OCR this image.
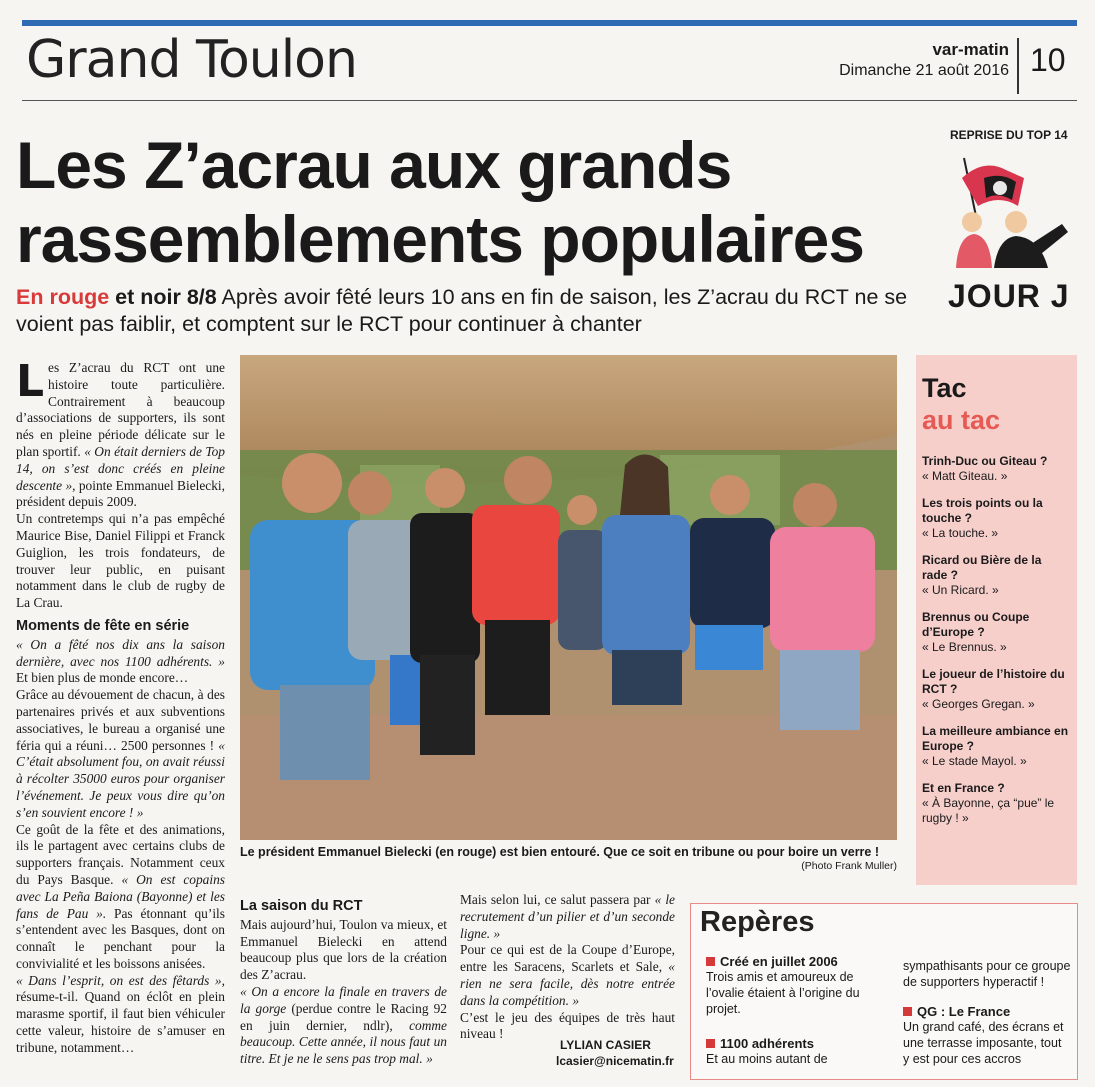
Grand Toulon	var-matin
Dimanche 21 août 2016 10
REPRISE DU TOP 14
Les Z’acrau aux grands rassemblements populaires
JOUR J
En rouge et noir 8/8 Après avoir fêté leurs 10 ans en fin de saison, les Z’acrau du RCT ne se voient pas faiblir, et comptent sur le RCT pour continuer à chanter

Les Z’acrau du RCT ont une histoire toute particulière. Contrairement à beaucoup d’associations de supporters, ils sont nés en pleine période délicate sur le plan sportif. « On était derniers de Top 14, on s’est donc créés en pleine descente », pointe Emmanuel Bielecki, président depuis 2009.

Un contretemps qui n’a pas empêché Maurice Bise, Daniel Filippi et Franck Guiglion, les trois fondateurs, de trouver leur public, en puisant notamment dans le club de rugby de La Crau.

Moments de fête en série

« On a fêté nos dix ans la saison dernière, avec nos 1100 adhérents. » Et bien plus de monde encore…

Grâce au dévouement de chacun, à des partenaires privés et aux subventions associatives, le bureau a organisé une féria qui a réuni… 2500 personnes ! « C’était absolument fou, on avait réussi à récolter 35000 euros pour organiser l’événement. Je peux vous dire qu’on s’en souvient encore ! »

Ce goût de la fête et des animations, ils le partagent avec certains clubs de supporters français. Notamment ceux du Pays Basque. « On est copains avec La Peña Baiona (Bayonne) et les fans de Pau ». Pas étonnant qu’ils s’entendent avec les Basques, dont on connaît le penchant pour la convivialité et les boissons anisées.

« Dans l’esprit, on est des fêtards », résume-t-il. Quand on éclôt en plein marasme sportif, il faut bien véhiculer cette valeur, histoire de s’amuser en tribune, notamment…

Le président Emmanuel Bielecki (en rouge) est bien entouré. Que ce soit en tribune ou pour boire un verre !
(Photo Frank Muller)
La saison du RCT

Mais aujourd’hui, Toulon va mieux, et Emmanuel Bielecki en attend beaucoup plus que lors de la création des Z’acrau.

« On a encore la finale en travers de la gorge (perdue contre le Racing 92 en juin dernier, ndlr), comme beaucoup. Cette année, il nous faut un titre. Et je ne le sens pas trop mal. »

Mais selon lui, ce salut passera par « le recrutement d’un pilier et d’un seconde ligne. »

Pour ce qui est de la Coupe d’Europe, entre les Saracens, Scarlets et Sale, « rien ne sera facile, dès notre entrée dans la compétition. »

C’est le jeu des équipes de très haut niveau !

LYLIAN CASIER
lcasier@nicematin.fr
Tac
au tac

Trinh-Duc ou Giteau ?

« Matt Giteau. »

Les trois points ou la touche ?

« La touche. »

Ricard ou Bière de la rade ?

« Un Ricard. »

Brennus ou Coupe d’Europe ?

« Le Brennus. »

Le joueur de l’histoire du RCT ?

« Georges Gregan. »

La meilleure ambiance en Europe ?

« Le stade Mayol. »

Et en France ?

« À Bayonne, ça “pue” le rugby ! »

Repères

Créé en juillet 2006

Trois amis et amoureux de l’ovalie étaient à l’origine du projet.

1100 adhérents

Et au moins autant de

sympathisants pour ce groupe de supporters hyperactif !

QG : Le France

Un grand café, des écrans et une terrasse imposante, tout y est pour ces accros
